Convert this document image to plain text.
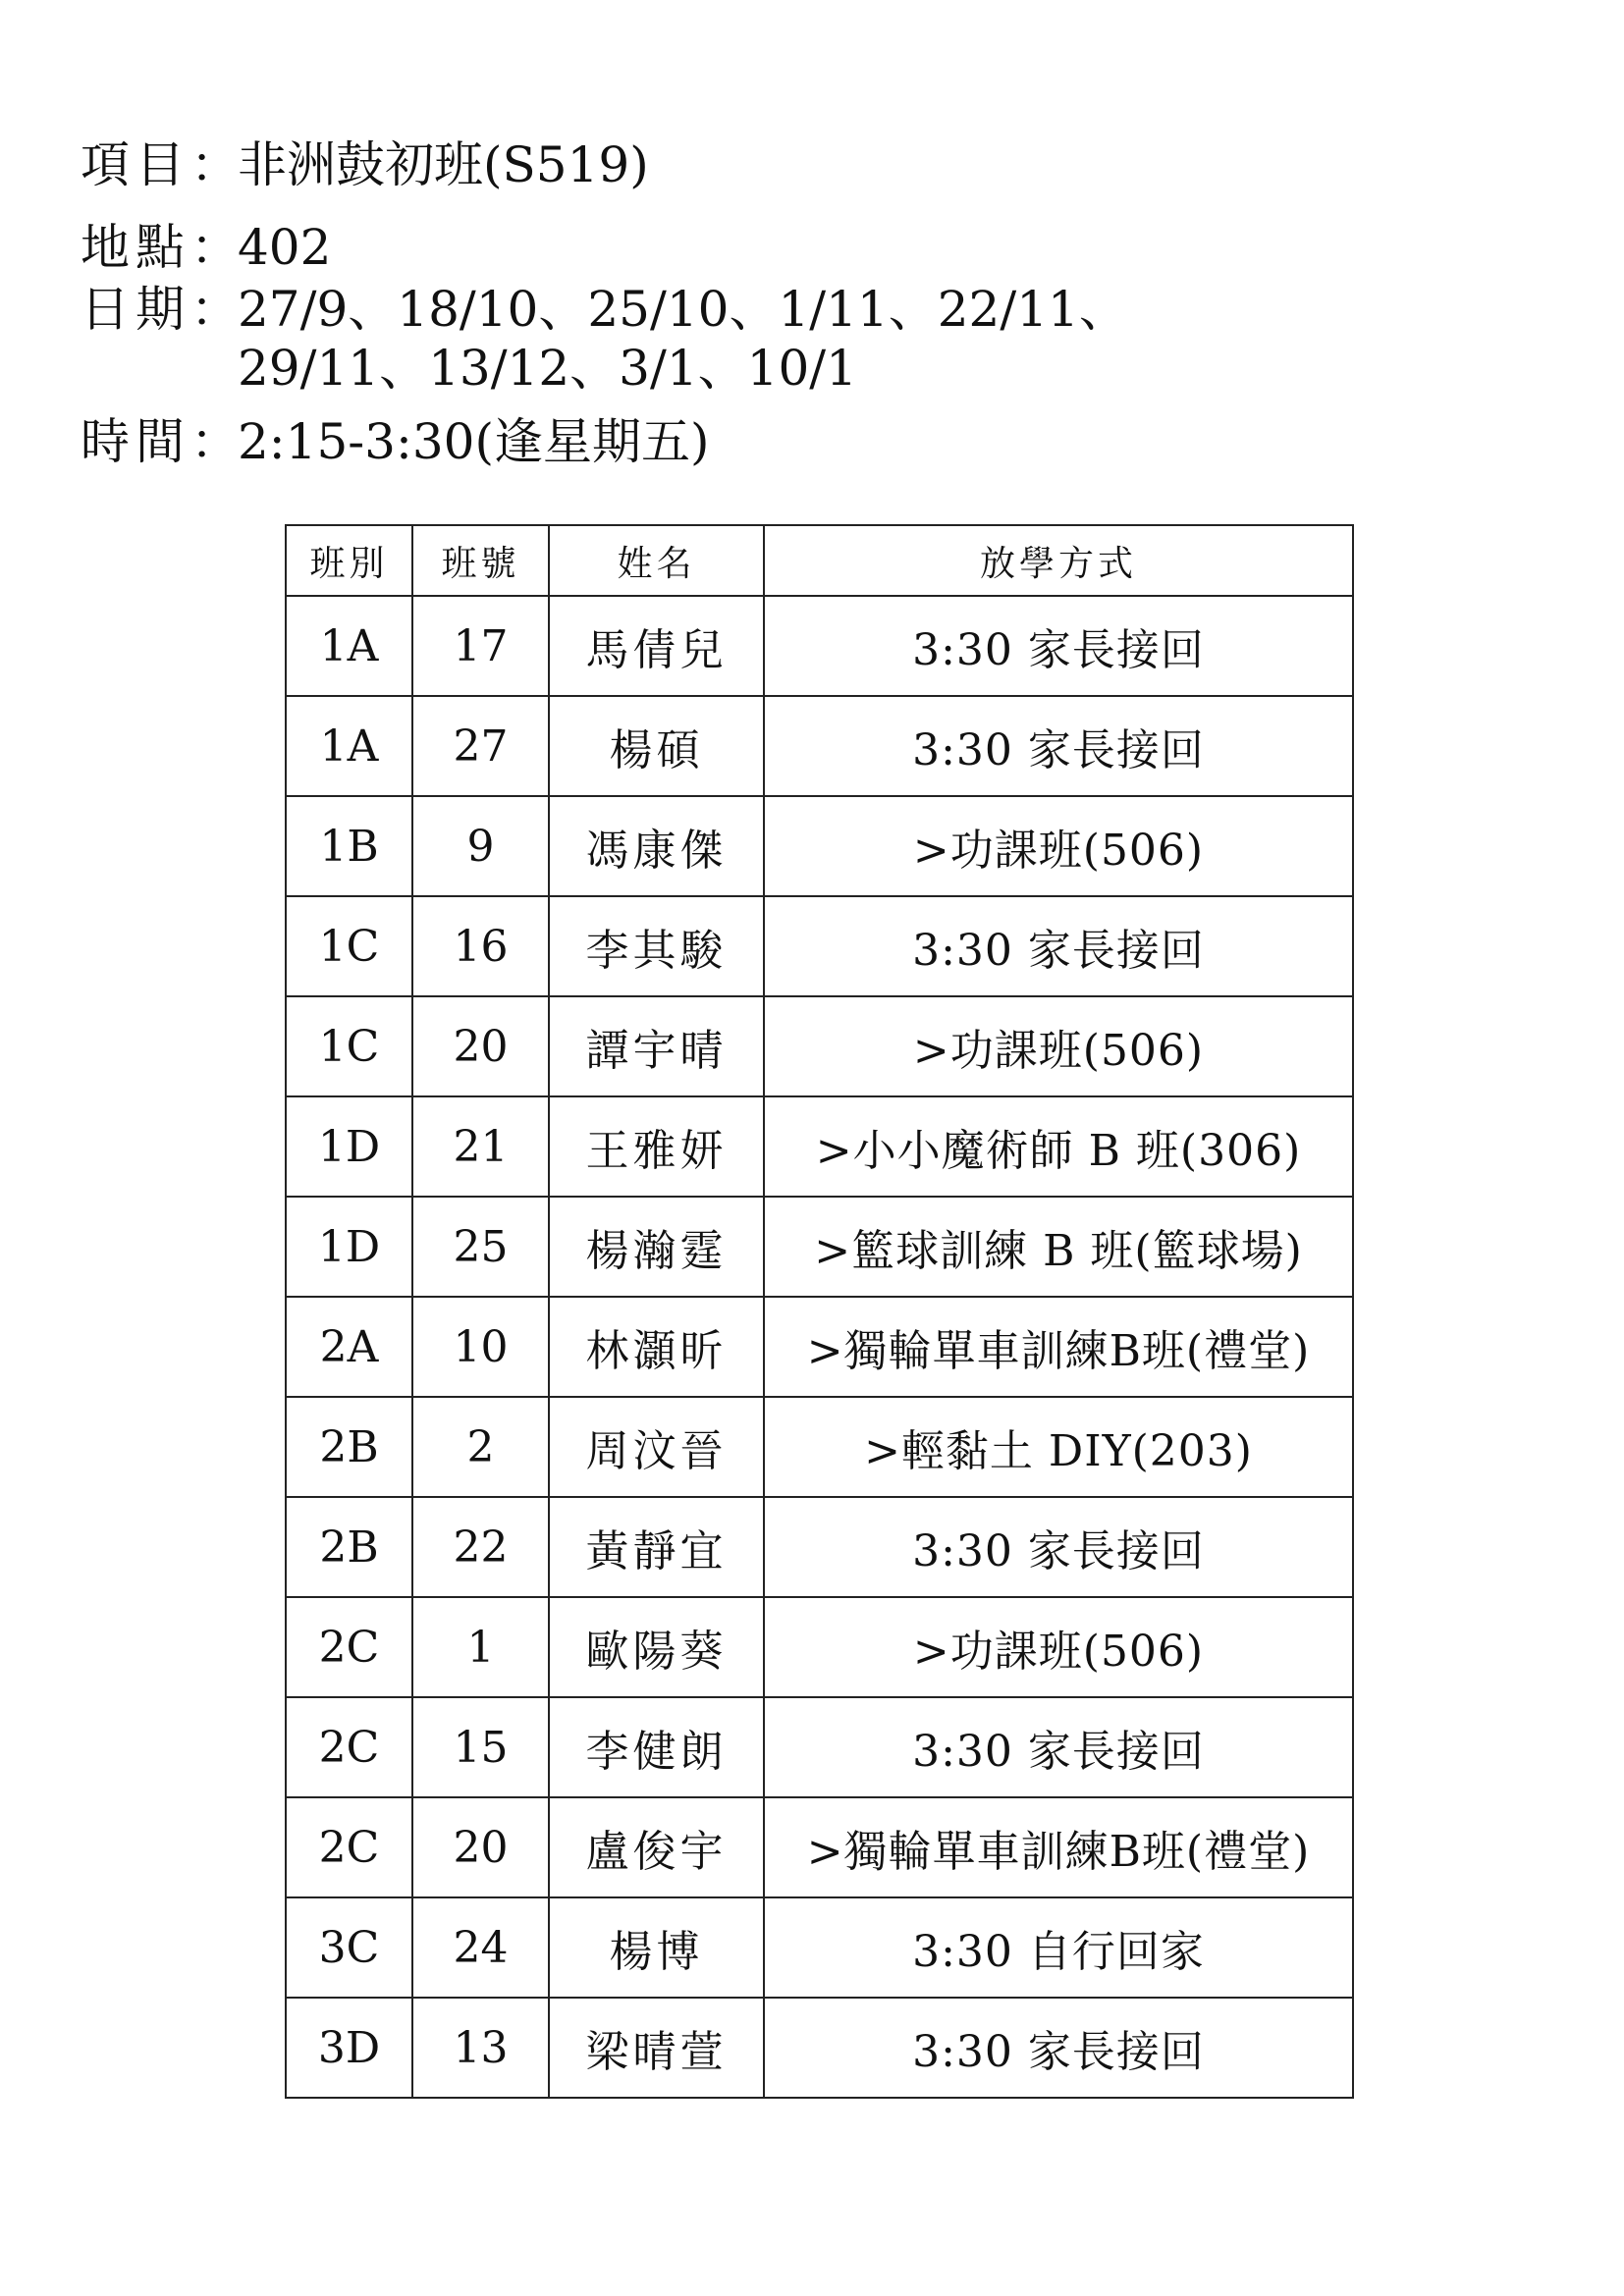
項目：
非洲鼓初班(S519)
地點：
402
日期：
27/9、18/10、25/10、1/11、22/11、
29/11、13/12、3/1、10/1
時間：
2:15-3:30(逢星期五)
班別	班號	姓名	放學方式
1A	17	馬倩兒	3:30 家長接回
1A	27	楊碩	3:30 家長接回
1B	9	馮康傑	>功課班(506)
1C	16	李其駿	3:30 家長接回
1C	20	譚宇晴	>功課班(506)
1D	21	王雅妍	>小小魔術師 B 班(306)
1D	25	楊瀚霆	>籃球訓練 B 班(籃球場)
2A	10	林灝昕	>獨輪單車訓練B班(禮堂)
2B	2	周汶晉	>輕黏土 DIY(203)
2B	22	黃靜宜	3:30 家長接回
2C	1	歐陽葵	>功課班(506)
2C	15	李健朗	3:30 家長接回
2C	20	盧俊宇	>獨輪單車訓練B班(禮堂)
3C	24	楊博	3:30 自行回家
3D	13	梁晴萱	3:30 家長接回
